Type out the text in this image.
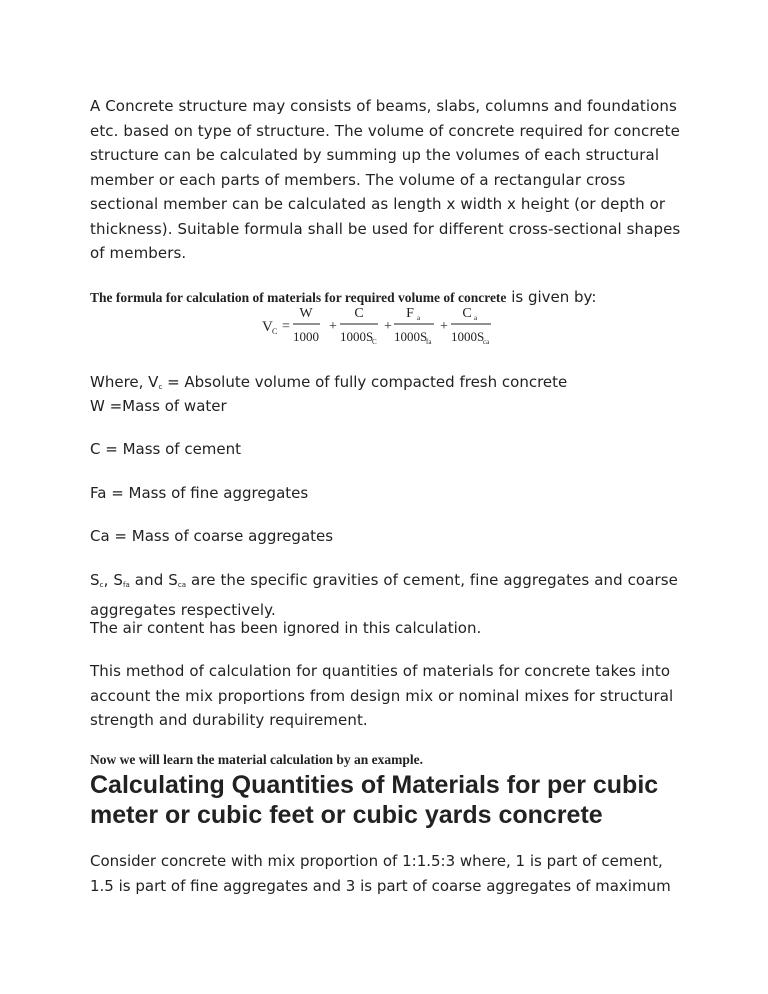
A Concrete structure may consists of beams, slabs, columns and foundations etc. based on type of structure. The volume of concrete required for concrete structure can be calculated by summing up the volumes of each structural member or each parts of members. The volume of a rectangular cross sectional member can be calculated as length x width x height (or depth or thickness). Suitable formula shall be used for different cross-sectional shapes of members.

The formula for calculation of materials for required volume of concrete is given by:
V C =
W
1000
+
C
1000S
C
+
F a
1000S
fa
+
C a
1000S
ca
Where, $V_c$ = Absolute volume of fully compacted fresh concrete
W =Mass of water
C = Mass of cement
Fa = Mass of fine aggregates
Ca = Mass of coarse aggregates

$S_c$, $S_{fa}$ and $S_{ca}$ are the specific gravities of cement, fine aggregates and coarse aggregates respectively.

The air content has been ignored in this calculation.

This method of calculation for quantities of materials for concrete takes into account the mix proportions from design mix or nominal mixes for structural strength and durability requirement.

Now we will learn the material calculation by an example.
Calculating Quantities of Materials for per cubic meter or cubic feet or cubic yards concrete
Consider concrete with mix proportion of 1:1.5:3 where, 1 is part of cement,
1.5 is part of fine aggregates and 3 is part of coarse aggregates of maximum
